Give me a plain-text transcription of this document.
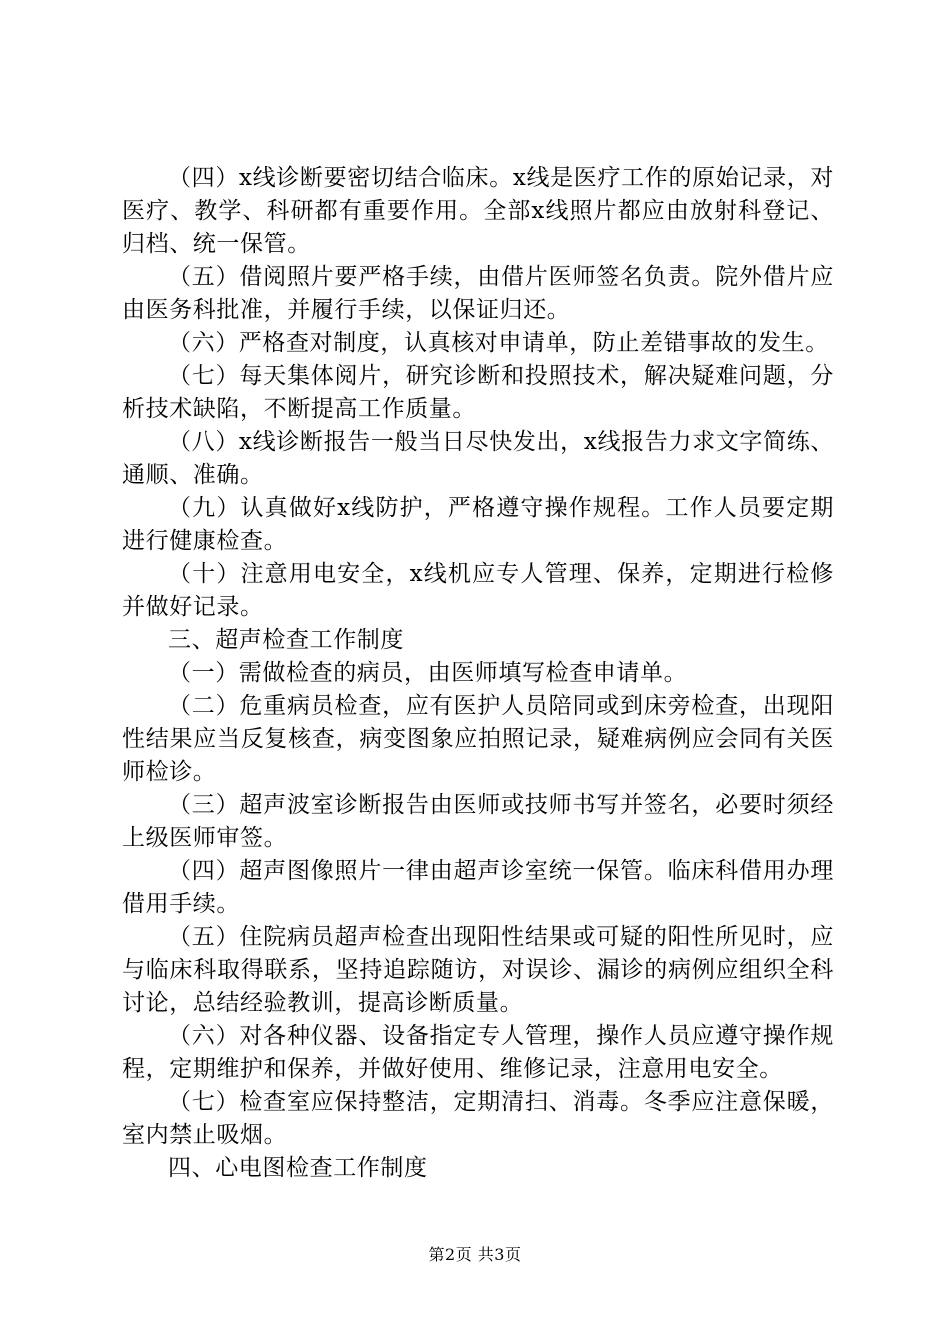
（四）x线诊断要密切结合临床。x线是医疗工作的原始记录，对医疗、教学、科研都有重要作用。全部x线照片都应由放射科登记、归档、统一保管。

（五）借阅照片要严格手续，由借片医师签名负责。院外借片应由医务科批准，并履行手续，以保证归还。

（六）严格查对制度，认真核对申请单，防止差错事故的发生。

（七）每天集体阅片，研究诊断和投照技术，解决疑难问题，分析技术缺陷，不断提高工作质量。

（八）x线诊断报告一般当日尽快发出，x线报告力求文字简练、通顺、准确。

（九）认真做好x线防护，严格遵守操作规程。工作人员要定期进行健康检查。

（十）注意用电安全，x线机应专人管理、保养，定期进行检修并做好记录。

三、超声检查工作制度

（一）需做检查的病员，由医师填写检查申请单。

（二）危重病员检查，应有医护人员陪同或到床旁检查，出现阳性结果应当反复核查，病变图象应拍照记录，疑难病例应会同有关医师检诊。

（三）超声波室诊断报告由医师或技师书写并签名，必要时须经上级医师审签。

（四）超声图像照片一律由超声诊室统一保管。临床科借用办理借用手续。

（五）住院病员超声检查出现阳性结果或可疑的阳性所见时，应与临床科取得联系，坚持追踪随访，对误诊、漏诊的病例应组织全科讨论，总结经验教训，提高诊断质量。

（六）对各种仪器、设备指定专人管理，操作人员应遵守操作规程，定期维护和保养，并做好使用、维修记录，注意用电安全。

（七）检查室应保持整洁，定期清扫、消毒。冬季应注意保暖，室内禁止吸烟。

四、心电图检查工作制度

第2页 共3页
